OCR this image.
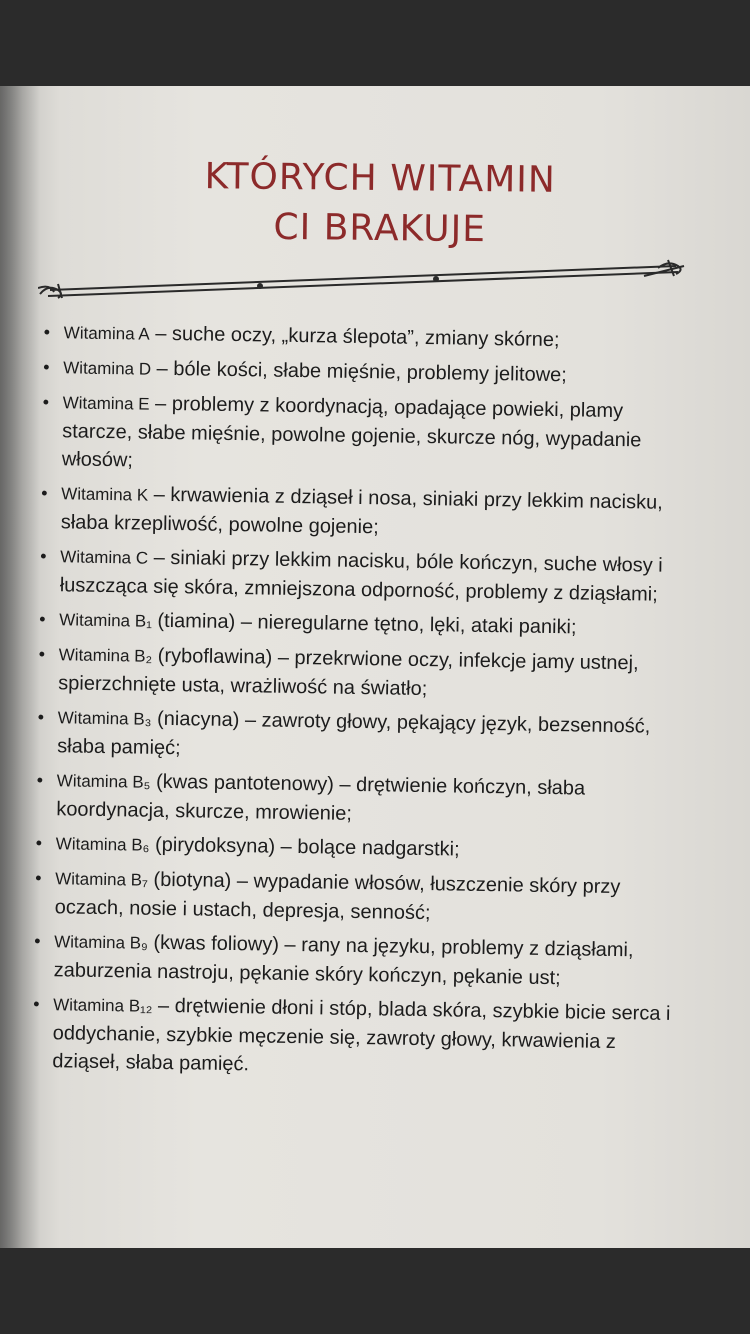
KTÓRYCH WITAMIN
CI BRAKUJE
• Witamina A – suche oczy, „kurza ślepota”, zmiany skórne;
• Witamina D – bóle kości, słabe mięśnie, problemy jelitowe;
• Witamina E – problemy z koordynacją, opadające powieki, plamy starcze, słabe mięśnie, powolne gojenie, skurcze nóg, wypadanie włosów;
• Witamina K – krwawienia z dziąseł i nosa, siniaki przy lekkim nacisku, słaba krzepliwość, powolne gojenie;
• Witamina C – siniaki przy lekkim nacisku, bóle kończyn, suche włosy i łuszcząca się skóra, zmniejszona odporność, problemy z dziąsłami;
• Witamina B₁ (tiamina) – nieregularne tętno, lęki, ataki paniki;
• Witamina B₂ (ryboflawina) – przekrwione oczy, infekcje jamy ustnej, spierzchnięte usta, wrażliwość na światło;
• Witamina B₃ (niacyna) – zawroty głowy, pękający język, bezsenność, słaba pamięć;
• Witamina B₅ (kwas pantotenowy) – drętwienie kończyn, słaba koordynacja, skurcze, mrowienie;
• Witamina B₆ (pirydoksyna) – bolące nadgarstki;
• Witamina B₇ (biotyna) – wypadanie włosów, łuszczenie skóry przy oczach, nosie i ustach, depresja, senność;
• Witamina B₉ (kwas foliowy) – rany na języku, problemy z dziąsłami, zaburzenia nastroju, pękanie skóry kończyn, pękanie ust;
• Witamina B₁₂ – drętwienie dłoni i stóp, blada skóra, szybkie bicie serca i oddychanie, szybkie męczenie się, zawroty głowy, krwawienia z dziąseł, słaba pamięć.
